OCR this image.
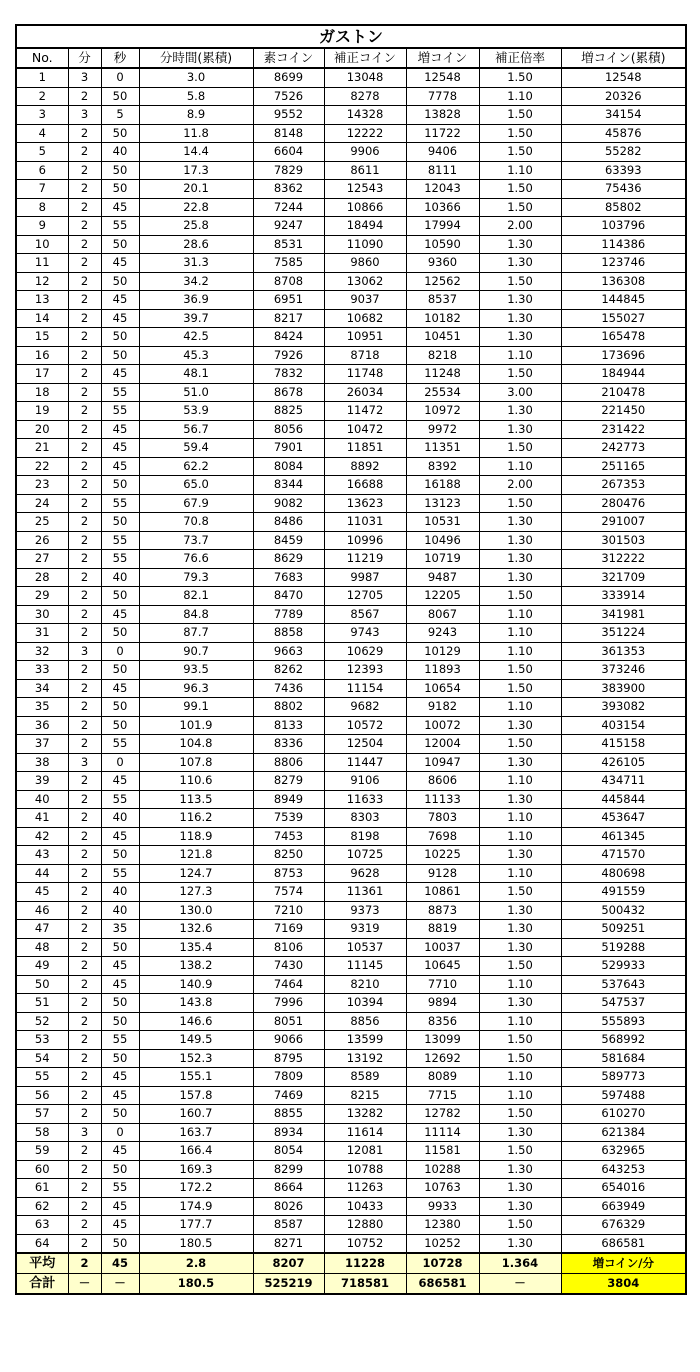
ガストン								
No.	分	秒	分時間(累積)	素コイン	補正コイン	増コイン	補正倍率	増コイン(累積)
1	3	0	3.0	8699	13048	12548	1.50	12548
2	2	50	5.8	7526	8278	7778	1.10	20326
3	3	5	8.9	9552	14328	13828	1.50	34154
4	2	50	11.8	8148	12222	11722	1.50	45876
5	2	40	14.4	6604	9906	9406	1.50	55282
6	2	50	17.3	7829	8611	8111	1.10	63393
7	2	50	20.1	8362	12543	12043	1.50	75436
8	2	45	22.8	7244	10866	10366	1.50	85802
9	2	55	25.8	9247	18494	17994	2.00	103796
10	2	50	28.6	8531	11090	10590	1.30	114386
11	2	45	31.3	7585	9860	9360	1.30	123746
12	2	50	34.2	8708	13062	12562	1.50	136308
13	2	45	36.9	6951	9037	8537	1.30	144845
14	2	45	39.7	8217	10682	10182	1.30	155027
15	2	50	42.5	8424	10951	10451	1.30	165478
16	2	50	45.3	7926	8718	8218	1.10	173696
17	2	45	48.1	7832	11748	11248	1.50	184944
18	2	55	51.0	8678	26034	25534	3.00	210478
19	2	55	53.9	8825	11472	10972	1.30	221450
20	2	45	56.7	8056	10472	9972	1.30	231422
21	2	45	59.4	7901	11851	11351	1.50	242773
22	2	45	62.2	8084	8892	8392	1.10	251165
23	2	50	65.0	8344	16688	16188	2.00	267353
24	2	55	67.9	9082	13623	13123	1.50	280476
25	2	50	70.8	8486	11031	10531	1.30	291007
26	2	55	73.7	8459	10996	10496	1.30	301503
27	2	55	76.6	8629	11219	10719	1.30	312222
28	2	40	79.3	7683	9987	9487	1.30	321709
29	2	50	82.1	8470	12705	12205	1.50	333914
30	2	45	84.8	7789	8567	8067	1.10	341981
31	2	50	87.7	8858	9743	9243	1.10	351224
32	3	0	90.7	9663	10629	10129	1.10	361353
33	2	50	93.5	8262	12393	11893	1.50	373246
34	2	45	96.3	7436	11154	10654	1.50	383900
35	2	50	99.1	8802	9682	9182	1.10	393082
36	2	50	101.9	8133	10572	10072	1.30	403154
37	2	55	104.8	8336	12504	12004	1.50	415158
38	3	0	107.8	8806	11447	10947	1.30	426105
39	2	45	110.6	8279	9106	8606	1.10	434711
40	2	55	113.5	8949	11633	11133	1.30	445844
41	2	40	116.2	7539	8303	7803	1.10	453647
42	2	45	118.9	7453	8198	7698	1.10	461345
43	2	50	121.8	8250	10725	10225	1.30	471570
44	2	55	124.7	8753	9628	9128	1.10	480698
45	2	40	127.3	7574	11361	10861	1.50	491559
46	2	40	130.0	7210	9373	8873	1.30	500432
47	2	35	132.6	7169	9319	8819	1.30	509251
48	2	50	135.4	8106	10537	10037	1.30	519288
49	2	45	138.2	7430	11145	10645	1.50	529933
50	2	45	140.9	7464	8210	7710	1.10	537643
51	2	50	143.8	7996	10394	9894	1.30	547537
52	2	50	146.6	8051	8856	8356	1.10	555893
53	2	55	149.5	9066	13599	13099	1.50	568992
54	2	50	152.3	8795	13192	12692	1.50	581684
55	2	45	155.1	7809	8589	8089	1.10	589773
56	2	45	157.8	7469	8215	7715	1.10	597488
57	2	50	160.7	8855	13282	12782	1.50	610270
58	3	0	163.7	8934	11614	11114	1.30	621384
59	2	45	166.4	8054	12081	11581	1.50	632965
60	2	50	169.3	8299	10788	10288	1.30	643253
61	2	55	172.2	8664	11263	10763	1.30	654016
62	2	45	174.9	8026	10433	9933	1.30	663949
63	2	45	177.7	8587	12880	12380	1.50	676329
64	2	50	180.5	8271	10752	10252	1.30	686581
平均	2	45	2.8	8207	11228	10728	1.364	増コイン/分
合計	－	－	180.5	525219	718581	686581	－	3804
